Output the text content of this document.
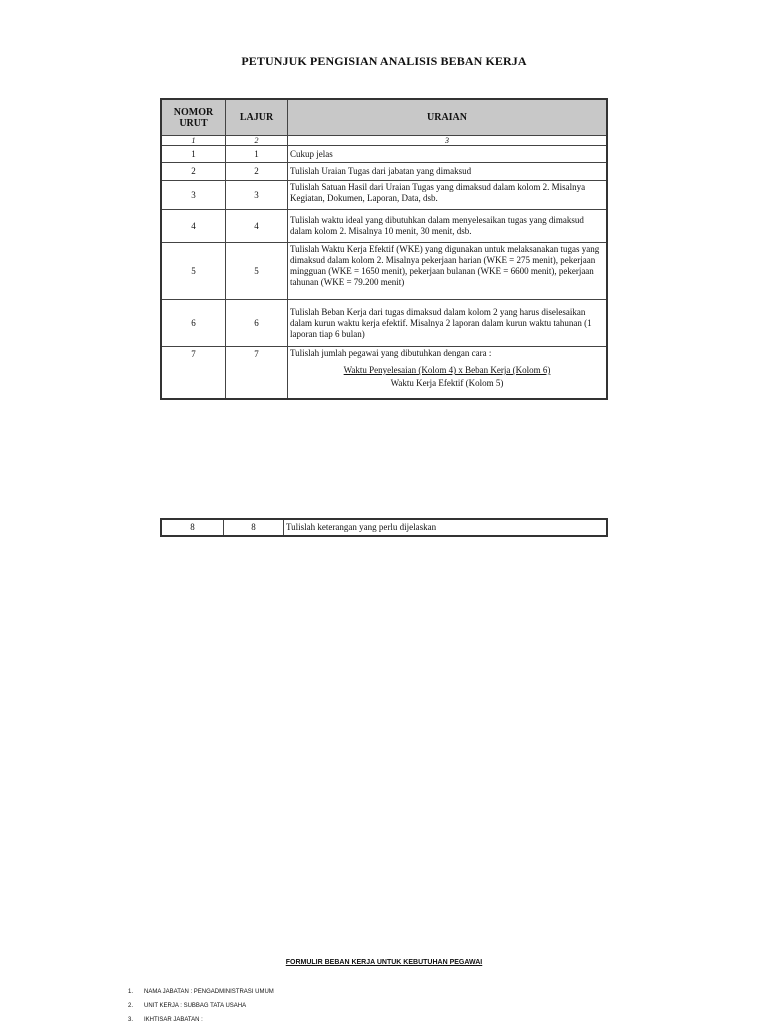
PETUNJUK PENGISIAN ANALISIS BEBAN KERJA
NOMOR URUT	LAJUR	URAIAN
1	2	3
1	1	Cukup jelas
2	2	Tulislah Uraian Tugas dari jabatan yang dimaksud
3	3	Tulislah Satuan Hasil dari Uraian Tugas yang dimaksud dalam kolom 2. Misalnya Kegiatan, Dokumen, Laporan, Data, dsb.
4	4	Tulislah waktu ideal yang dibutuhkan dalam menyelesaikan tugas yang dimaksud dalam kolom 2. Misalnya 10 menit, 30 menit, dsb.
5	5	Tulislah Waktu Kerja Efektif (WKE) yang digunakan untuk melaksanakan tugas yang dimaksud dalam kolom 2. Misalnya pekerjaan harian (WKE = 275 menit), pekerjaan mingguan (WKE = 1650 menit), pekerjaan bulanan (WKE = 6600 menit), pekerjaan tahunan (WKE = 79.200 menit)
6	6	Tulislah Beban Kerja dari tugas dimaksud dalam kolom 2 yang harus diselesaikan dalam kurun waktu kerja efektif. Misalnya 2 laporan dalam kurun waktu tahunan (1 laporan tiap 6 bulan)
7	7	Tulislah jumlah pegawai yang dibutuhkan dengan cara :
Waktu Penyelesaian (Kolom 4) x Beban Kerja (Kolom 6)
Waktu Kerja Efektif (Kolom 5)
8	8	Tulislah keterangan yang perlu dijelaskan
FORMULIR BEBAN KERJA UNTUK KEBUTUHAN PEGAWAI
1. NAMA JABATAN : PENGADMINISTRASI UMUM
2. UNIT KERJA : SUBBAG TATA USAHA
3. IKHTISAR JABATAN :
